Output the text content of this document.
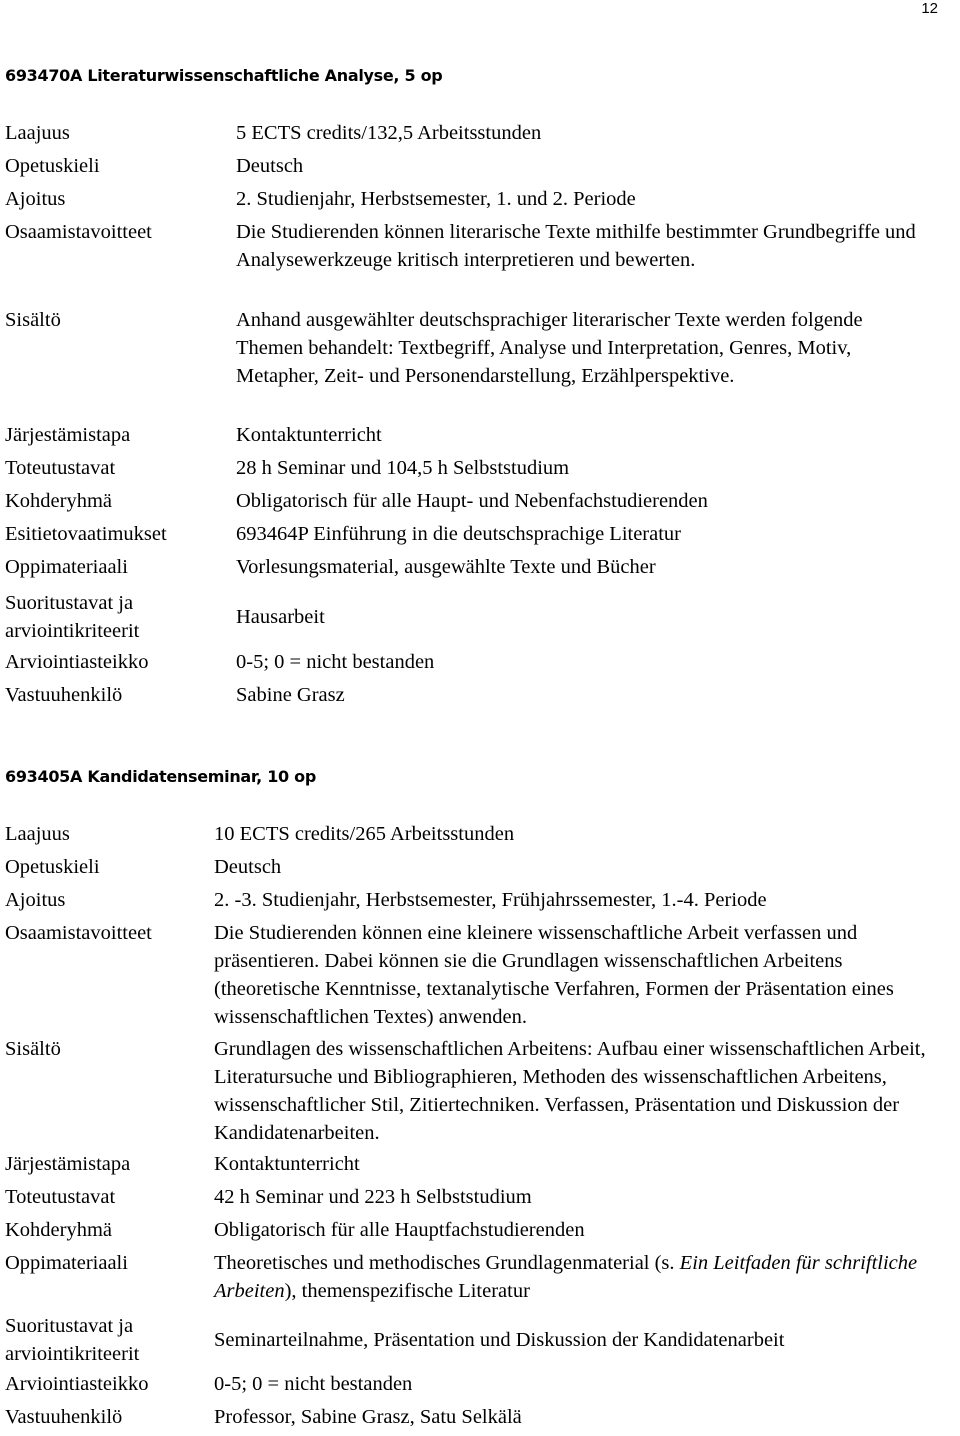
12
693470A Literaturwissenschaftliche Analyse, 5 op
Laajuus	5 ECTS credits/132,5 Arbeitsstunden
Opetuskieli	Deutsch
Ajoitus	2. Studienjahr, Herbstsemester, 1. und 2. Periode
Osaamistavoitteet	Die Studierenden können literarische Texte mithilfe bestimmter Grundbegriffe und Analysewerkzeuge kritisch interpretieren und bewerten.
Sisältö	Anhand ausgewählter deutschsprachiger literarischer Texte werden folgende Themen behandelt: Textbegriff, Analyse und Interpretation, Genres, Motiv, Metapher, Zeit- und Personendarstellung, Erzählperspektive.
Järjestämistapa	Kontaktunterricht
Toteutustavat	28 h Seminar und 104,5 h Selbststudium
Kohderyhmä	Obligatorisch für alle Haupt- und Nebenfachstudierenden
Esitietovaatimukset	693464P Einführung in die deutschsprachige Literatur
Oppimateriaali	Vorlesungsmaterial, ausgewählte Texte und Bücher
Suoritustavat ja
arviointikriteerit	Hausarbeit
Arviointiasteikko	0-5; 0 = nicht bestanden
Vastuuhenkilö	Sabine Grasz
693405A Kandidatenseminar, 10 op
Laajuus	10 ECTS credits/265 Arbeitsstunden
Opetuskieli	Deutsch
Ajoitus	2. -3. Studienjahr, Herbstsemester, Frühjahrssemester, 1.-4. Periode
Osaamistavoitteet	Die Studierenden können eine kleinere wissenschaftliche Arbeit verfassen und präsentieren. Dabei können sie die Grundlagen wissenschaftlichen Arbeitens (theoretische Kenntnisse, textanalytische Verfahren, Formen der Präsentation eines wissenschaftlichen Textes) anwenden.
Sisältö	Grundlagen des wissenschaftlichen Arbeitens: Aufbau einer wissenschaftlichen Arbeit, Literatursuche und Bibliographieren, Methoden des wissenschaftlichen Arbeitens, wissenschaftlicher Stil, Zitiertechniken. Verfassen, Präsentation und Diskussion der Kandidatenarbeiten.
Järjestämistapa	Kontaktunterricht
Toteutustavat	42 h Seminar und 223 h Selbststudium
Kohderyhmä	Obligatorisch für alle Hauptfachstudierenden
Oppimateriaali	Theoretisches und methodisches Grundlagenmaterial (s. Ein Leitfaden für schriftliche Arbeiten), themenspezifische Literatur
Suoritustavat ja
arviointikriteerit	Seminarteilnahme, Präsentation und Diskussion der Kandidatenarbeit
Arviointiasteikko	0-5; 0 = nicht bestanden
Vastuuhenkilö	Professor, Sabine Grasz, Satu Selkälä
